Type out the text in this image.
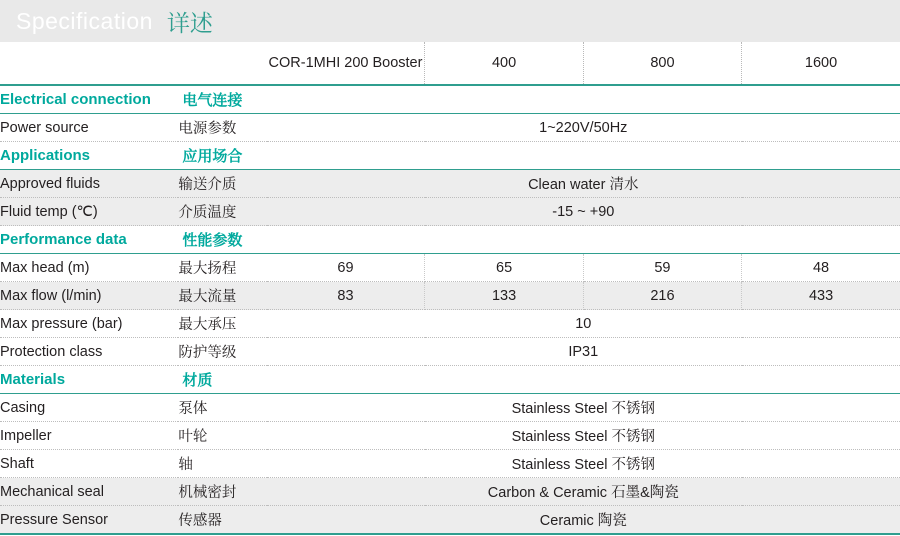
Specification 详述
		COR-1MHI 200 Booster	400	800	1600
Electrical connection	电气连接				
Power source	电源参数	1~220V/50Hz			
Applications	应用场合				
Approved fluids	输送介质	Clean water 清水			
Fluid temp (℃)	介质温度	-15 ~ +90			
Performance data	性能参数				
Max head (m)	最大扬程	69	65	59	48
Max flow (l/min)	最大流量	83	133	216	433
Max pressure (bar)	最大承压	10			
Protection class	防护等级	IP31			
Materials	材质				
Casing	泵体	Stainless Steel 不锈钢			
Impeller	叶轮	Stainless Steel 不锈钢			
Shaft	轴	Stainless Steel 不锈钢			
Mechanical seal	机械密封	Carbon & Ceramic 石墨&陶瓷			
Pressure Sensor	传感器	Ceramic 陶瓷			
